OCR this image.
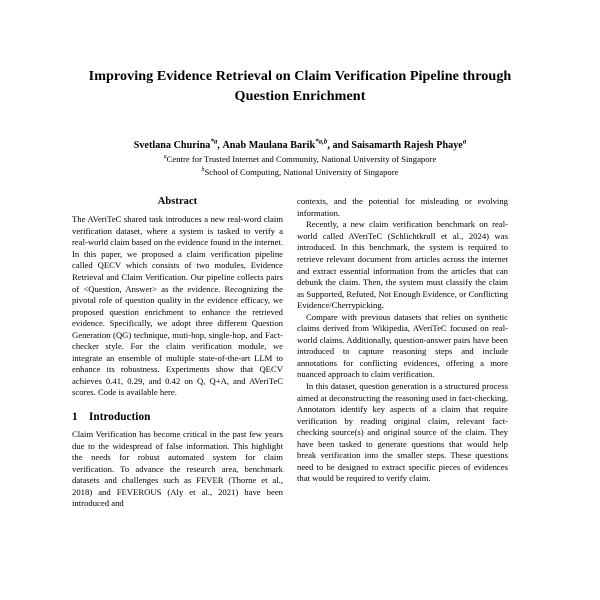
Improving Evidence Retrieval on Claim Verification Pipeline through Question Enrichment
Svetlana Churina$^{*a}$, Anab Maulana Barik$^{*a,b}$, and Saisamarth Rajesh Phaye$^a$
$^a$Centre for Trusted Internet and Community, National University of Singapore
$^b$School of Computing, National University of Singapore
Abstract

The AVeriTeC shared task introduces a new real-word claim verification dataset, where a system is tasked to verify a real-world claim based on the evidence found in the internet. In this paper, we proposed a claim verification pipeline called QECV which consists of two modules, Evidence Retrieval and Claim Verification. Our pipeline collects pairs of <Question, Answer> as the evidence. Recognizing the pivotal role of question quality in the evidence efficacy, we proposed question enrichment to enhance the retrieved evidence. Specifically, we adopt three different Question Generation (QG) technique, muti-hop, single-hop, and Fact-checker style. For the claim verification module, we integrate an ensemble of multiple state-of-the-art LLM to enhance its robustness. Experiments show that QECV achieves 0.41, 0.29, and 0.42 on Q, Q+A, and AVeriTeC scores. Code is available here.

1 Introduction

Claim Verification has become critical in the past few years due to the widespread of false information. This highlight the needs for robust automated system for claim verification. To advance the research area, benchmark datasets and challenges such as FEVER (Thorne et al., 2018) and FEVEROUS (Aly et al., 2021) have been introduced and

contexts, and the potential for misleading or evolving information.

Recently, a new claim verification benchmark on real-world called AVeriTeC (Schlichtkrull et al., 2024) was introduced. In this benchmark, the system is required to retrieve relevant document from articles across the internet and extract essential information from the articles that can debunk the claim. Then, the system must classify the claim as Supported, Refuted, Not Enough Evidence, or Conflicting Evidence/Cherrypicking.

Compare with previous datasets that relies on synthetic claims derived from Wikipedia, AVeriTeC focused on real-world claims. Additionally, question-answer pairs have been introduced to capture reasoning steps and include annotations for conflicting evidences, offering a more nuanced approach to claim verification.

In this dataset, question generation is a structured process aimed at deconstructing the reasoning used in fact-checking. Annotators identify key aspects of a claim that require verification by reading original claim, relevant fact-checking source(s) and original source of the claim. They have been tasked to generate questions that would help break verification into the smaller steps. These questions need to be designed to extract specific pieces of evidences that would be required to verify claim.
